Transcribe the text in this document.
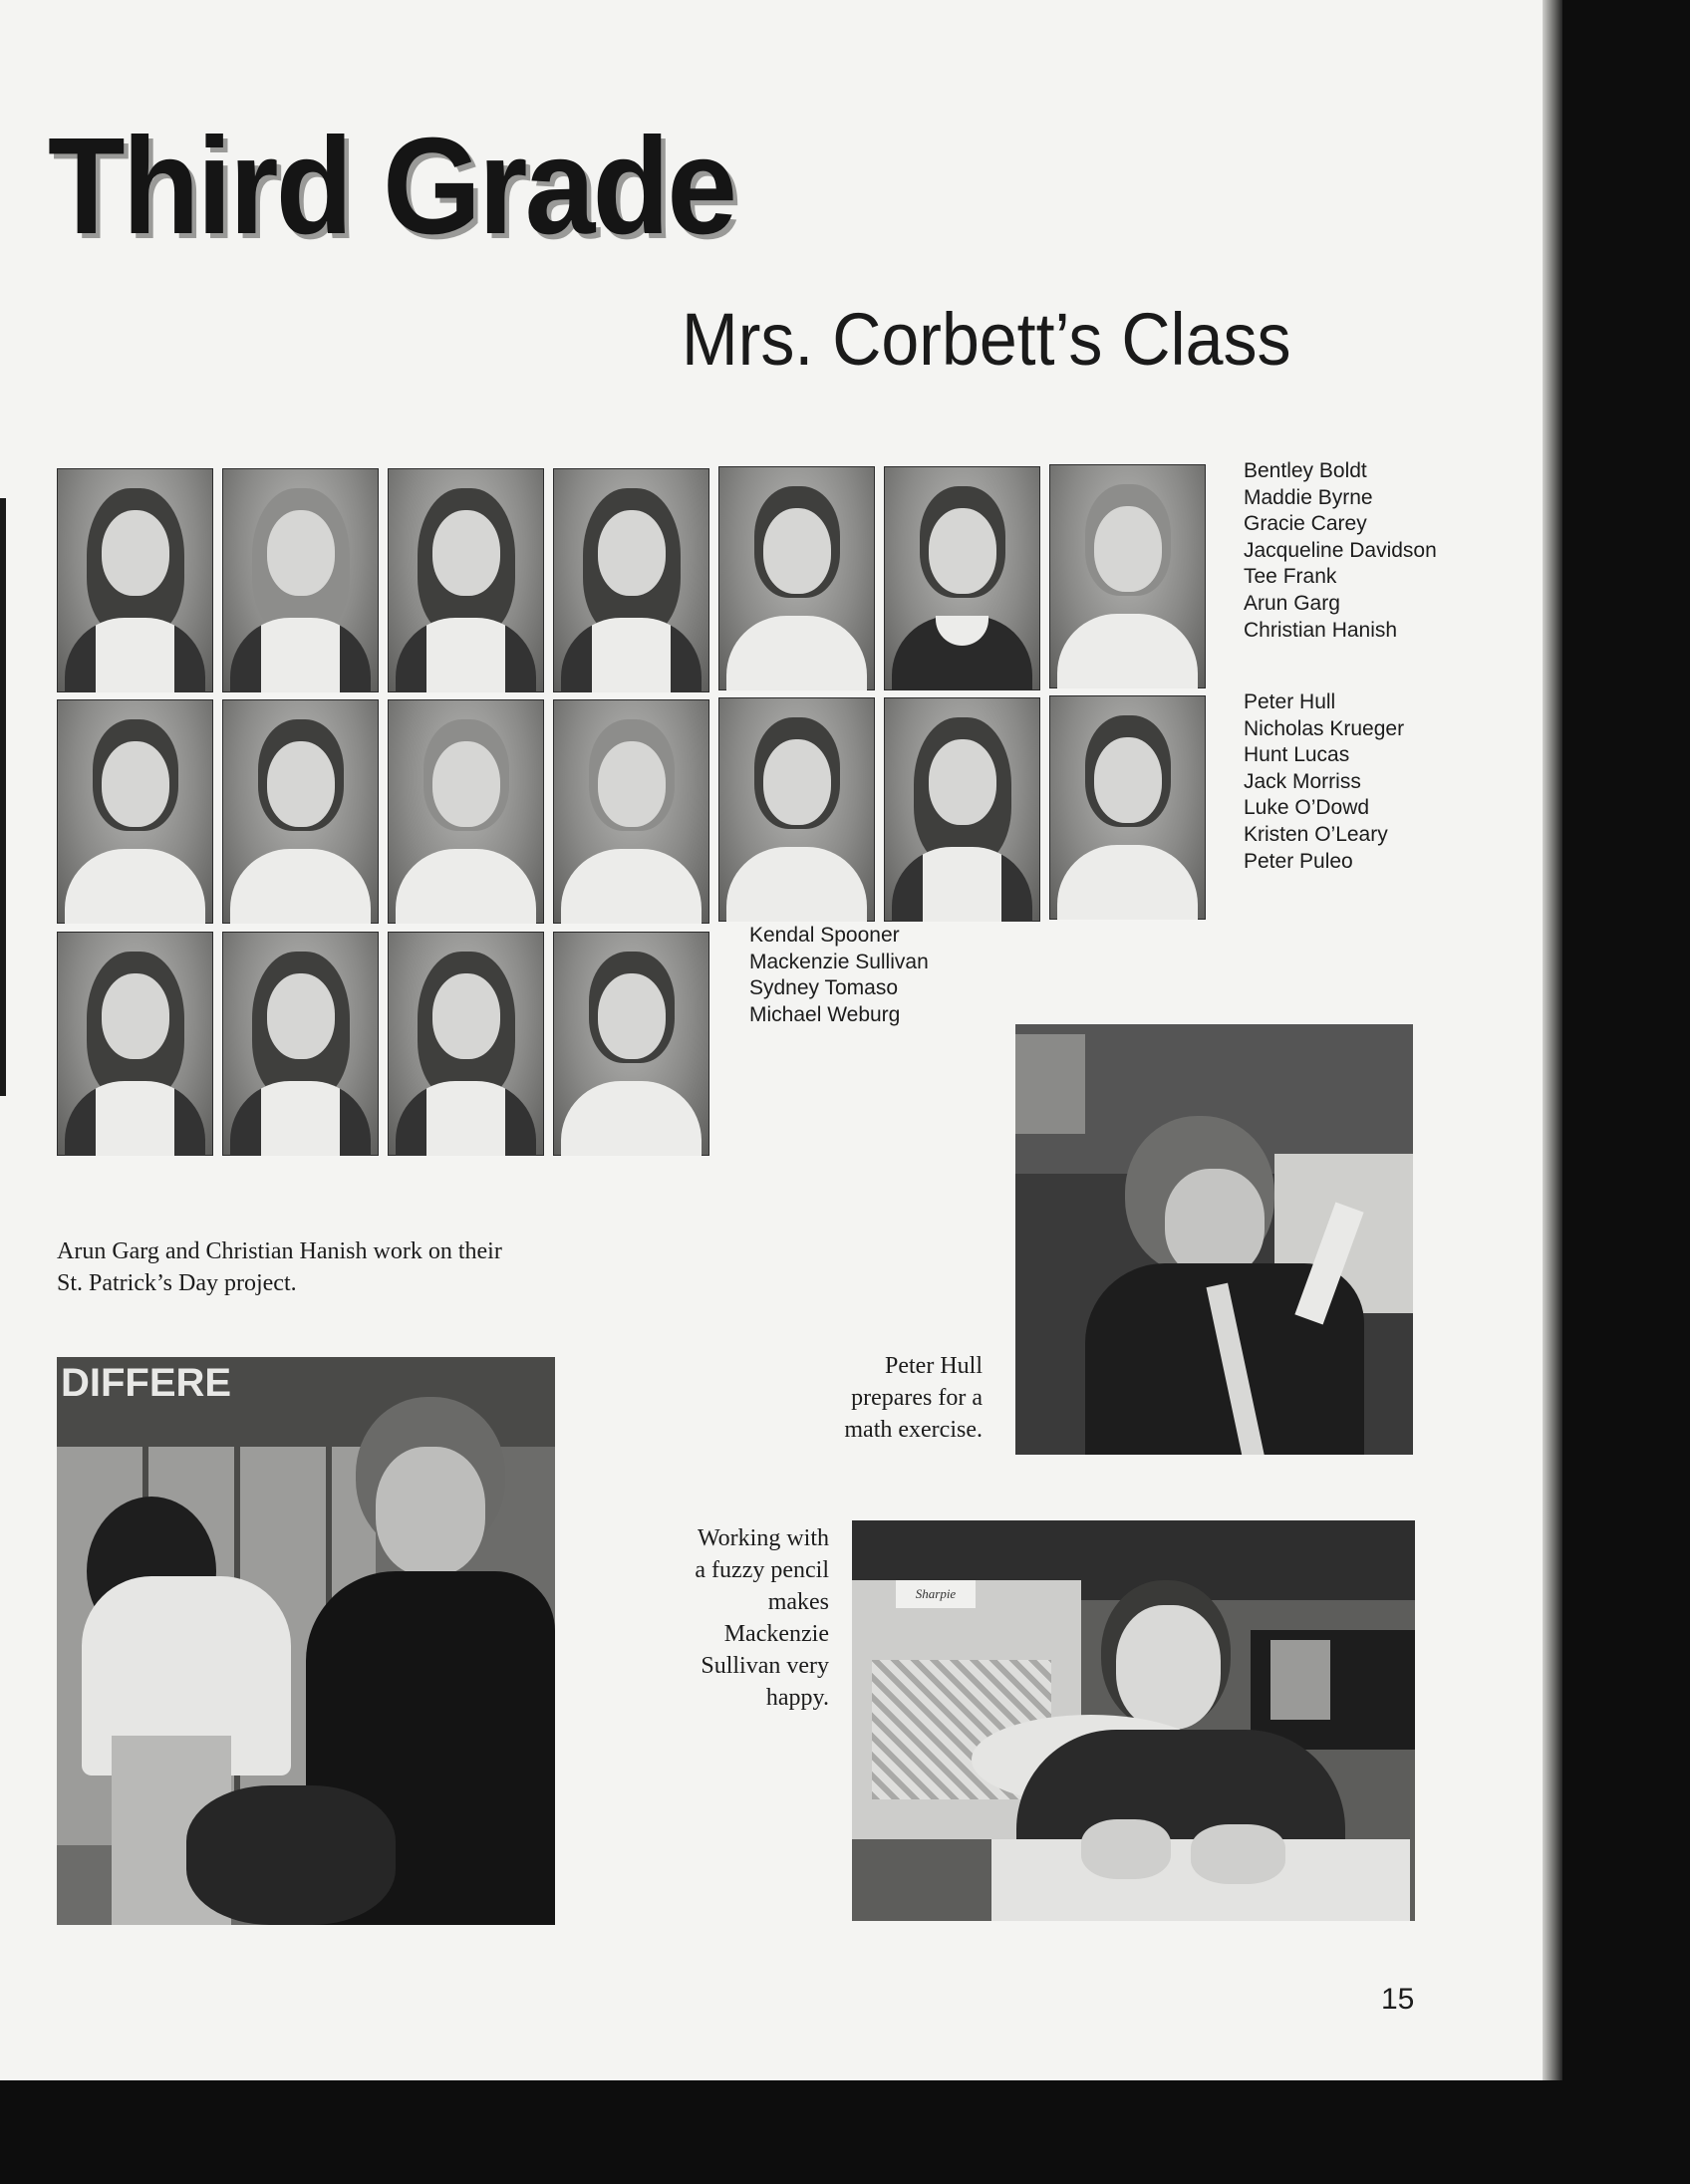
Third Grade
Mrs. Corbett’s Class
Bentley Boldt
Maddie Byrne
Gracie Carey
Jacqueline Davidson
Tee Frank
Arun Garg
Christian Hanish
Peter Hull
Nicholas Krueger
Hunt Lucas
Jack Morriss
Luke O’Dowd
Kristen O’Leary
Peter Puleo
Kendal Spooner
Mackenzie Sullivan
Sydney Tomaso
Michael Weburg
Peter Hull
prepares for a
math exercise.
Arun Garg and Christian Hanish work on their
St. Patrick’s Day project.
DIFFERE
Working with
a fuzzy pencil
makes
Mackenzie
Sullivan very
happy.
Sharpie
15
